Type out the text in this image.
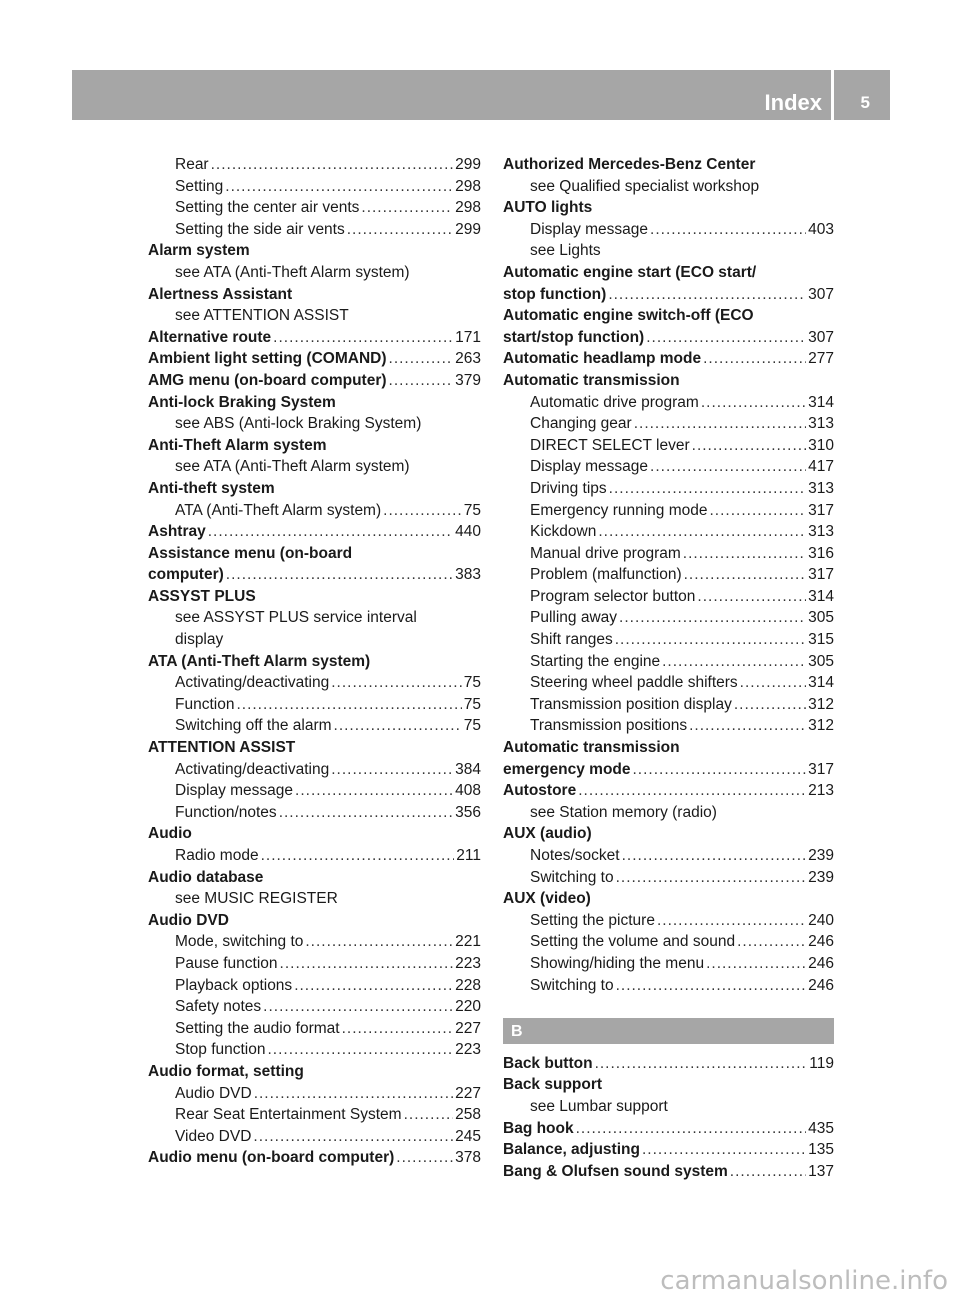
Index 5
Rear .....	299
Setting .....	298
Setting the center air vents .....	298
Setting the side air vents .....	299
Alarm system
see ATA (Anti-Theft Alarm system)
Alertness Assistant
see ATTENTION ASSIST
Alternative route .....	171
Ambient light setting (COMAND) .....	263
AMG menu (on-board computer) .....	379
Anti-lock Braking System
see ABS (Anti-lock Braking System)
Anti-Theft Alarm system
see ATA (Anti-Theft Alarm system)
Anti-theft system
ATA (Anti-Theft Alarm system) .....	75
Ashtray .....	440
Assistance menu (on-board
computer) .....	383
ASSYST PLUS
see ASSYST PLUS service interval
display
ATA (Anti-Theft Alarm system)
Activating/deactivating .....	75
Function .....	75
Switching off the alarm .....	75
ATTENTION ASSIST
Activating/deactivating .....	384
Display message .....	408
Function/notes .....	356
Audio
Radio mode .....	211
Audio database
see MUSIC REGISTER
Audio DVD
Mode, switching to .....	221
Pause function .....	223
Playback options .....	228
Safety notes .....	220
Setting the audio format .....	227
Stop function .....	223
Audio format, setting
Audio DVD .....	227
Rear Seat Entertainment System .....	258
Video DVD .....	245
Audio menu (on-board computer) .....	378
Authorized Mercedes-Benz Center
see Qualified specialist workshop
AUTO lights
Display message .....	403
see Lights
Automatic engine start (ECO start/
stop function) .....	307
Automatic engine switch-off (ECO
start/stop function) .....	307
Automatic headlamp mode .....	277
Automatic transmission
Automatic drive program .....	314
Changing gear .....	313
DIRECT SELECT lever .....	310
Display message .....	417
Driving tips .....	313
Emergency running mode .....	317
Kickdown .....	313
Manual drive program .....	316
Problem (malfunction) .....	317
Program selector button .....	314
Pulling away .....	305
Shift ranges .....	315
Starting the engine .....	305
Steering wheel paddle shifters .....	314
Transmission position display .....	312
Transmission positions .....	312
Automatic transmission
emergency mode .....	317
Autostore .....	213
see Station memory (radio)
AUX (audio)
Notes/socket .....	239
Switching to .....	239
AUX (video)
Setting the picture .....	240
Setting the volume and sound .....	246
Showing/hiding the menu .....	246
Switching to .....	246
B
Back button .....	119
Back support
see Lumbar support
Bag hook .....	435
Balance, adjusting .....	135
Bang & Olufsen sound system .....	137
carmanualsonline.info
